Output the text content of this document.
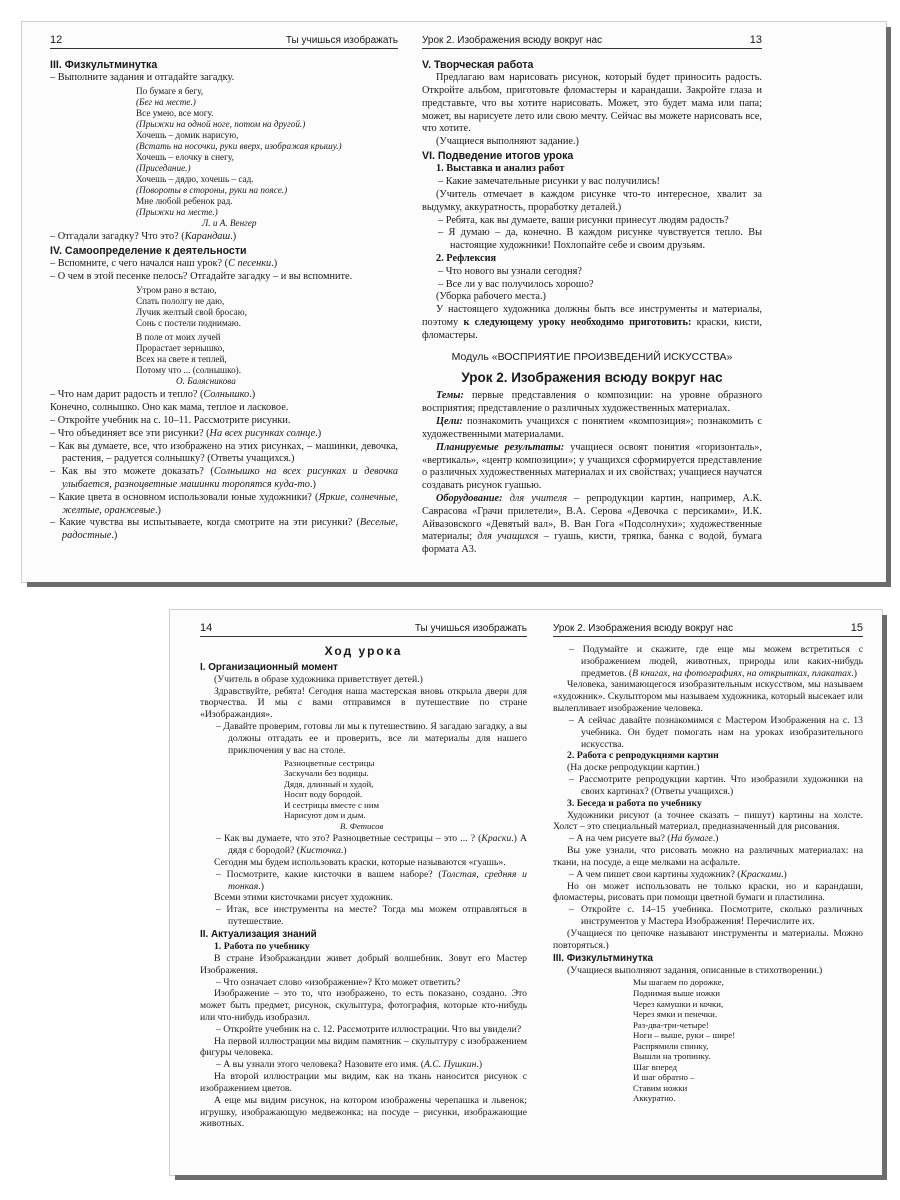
12	Ты учишься изображать
III. Физкультминутка

– Выполните задания и отгадайте загадку.

По бумаге я бегу,
(Бег на месте.)
Все умею, все могу.
(Прыжки на одной ноге, потом на другой.)
Хочешь – домик нарисую,
(Встать на носочки, руки вверх, изображая крышу.)
Хочешь – елочку в снегу,
(Приседание.)
Хочешь – дядю, хочешь – сад.
(Повороты в стороны, руки на поясе.)
Мне любой ребенок рад.
(Прыжки на месте.)
Л. и А. Венгер

– Отгадали загадку? Что это? (Карандаш.)

IV. Самоопределение к деятельности

– Вспомните, с чего начался наш урок? (С песенки.)

– О чем в этой песенке пелось? Отгадайте загадку – и вы вспомните.

Утром рано я встаю,
Спать пололгу не даю,
Лучик желтый свой бросаю,
Сонь с постели поднимаю.
В поле от моих лучей
Прорастает зернышко,
Всех на свете я теплей,
Потому что ... (солнышко).
О. Балясникова

– Что нам дарит радость и тепло? (Солнышко.)

Конечно, солнышко. Оно как мама, теплое и ласковое.

– Откройте учебник на с. 10–11. Рассмотрите рисунки.

– Что объединяет все эти рисунки? (На всех рисунках солнце.)

– Как вы думаете, все, что изображено на этих рисунках, – машинки, девочка, растения, – радуется солнышку? (Ответы учащихся.)

– Как вы это можете доказать? (Солнышко на всех рисунках и девочка улыбается, разноцветные машинки торопятся куда-то.)

– Какие цвета в основном использовали юные художники? (Яркие, солнечные, желтые, оранжевые.)

– Какие чувства вы испытываете, когда смотрите на эти рисунки? (Веселые, радостные.)

Урок 2. Изображения всюду вокруг нас	13
V. Творческая работа

Предлагаю вам нарисовать рисунок, который будет приносить радость. Откройте альбом, приготовьте фломастеры и карандаши. Закройте глаза и представьте, что вы хотите нарисовать. Может, это будет мама или папа; может, вы нарисуете лето или свою мечту. Сейчас вы можете нарисовать все, что хотите.

(Учащиеся выполняют задание.)

VI. Подведение итогов урока

1. Выставка и анализ работ

– Какие замечательные рисунки у вас получились!

(Учитель отмечает в каждом рисунке что-то интересное, хвалит за выдумку, аккуратность, проработку деталей.)

– Ребята, как вы думаете, ваши рисунки принесут людям радость?

– Я думаю – да, конечно. В каждом рисунке чувствуется тепло. Вы настоящие художники! Похлопайте себе и своим друзьям.

2. Рефлексия

– Что нового вы узнали сегодня?

– Все ли у вас получилось хорошо?

(Уборка рабочего места.)

У настоящего художника должны быть все инструменты и материалы, поэтому к следующему уроку необходимо приготовить: краски, кисти, фломастеры.

Модуль «ВОСПРИЯТИЕ ПРОИЗВЕДЕНИЙ ИСКУССТВА»
Урок 2. Изображения всюду вокруг нас

Темы: первые представления о композиции: на уровне образного восприятия; представление о различных художественных материалах.

Цели: познакомить учащихся с понятием «композиция»; познакомить с художественными материалами.

Планируемые результаты: учащиеся освоят понятия «горизонталь», «вертикаль», «центр композиции»; у учащихся сформируется представление о различных художественных материалах и их свойствах; учащиеся научатся создавать рисунок гуашью.

Оборудование: для учителя – репродукции картин, например, А.К. Саврасова «Грачи прилетели», В.А. Серова «Девочка с персиками», И.К. Айвазовского «Девятый вал», В. Ван Гога «Подсолнухи»; художественные материалы; для учащихся – гуашь, кисти, тряпка, банка с водой, бумага формата А3.

14	Ты учишься изображать
Ход урока
I. Организационный момент

(Учитель в образе художника приветствует детей.)

Здравствуйте, ребята! Сегодня наша мастерская вновь открыла двери для творчества. И мы с вами отправимся в путешествие по стране «Изображандия».

– Давайте проверим, готовы ли мы к путешествию. Я загадаю загадку, а вы должны отгадать ее и проверить, все ли материалы для нашего приключения у вас на столе.

Разноцветные сестрицы
Заскучали без водицы.
Дядя, длинный и худой,
Носит воду бородой.
И сестрицы вместе с ним
Нарисуют дом и дым.
В. Фетисов

– Как вы думаете, что это? Разноцветные сестрицы – это ... ? (Краски.) А дядя с бородой? (Кисточка.)

Сегодня мы будем использовать краски, которые называются «гуашь».

– Посмотрите, какие кисточки в вашем наборе? (Толстая, средняя и тонкая.)

Всеми этими кисточками рисует художник.

– Итак, все инструменты на месте? Тогда мы можем отправляться в путешествие.

II. Актуализация знаний

1. Работа по учебнику

В стране Изображандии живет добрый волшебник. Зовут его Мастер Изображения.

– Что означает слово «изображение»? Кто может ответить?

Изображение – это то, что изображено, то есть показано, создано. Это может быть предмет, рисунок, скульптура, фотография, которые кто-нибудь или что-нибудь изобразил.

– Откройте учебник на с. 12. Рассмотрите иллюстрации. Что вы увидели?

На первой иллюстрации мы видим памятник – скульптуру с изображением фигуры человека.

– А вы узнали этого человека? Назовите его имя. (А.С. Пушкин.)

На второй иллюстрации мы видим, как на ткань наносится рисунок с изображением цветов.

А еще мы видим рисунок, на котором изображены черепашка и львенок; игрушку, изображающую медвежонка; на посуде – рисунки, изображающие животных.

Урок 2. Изображения всюду вокруг нас	15

– Подумайте и скажите, где еще мы можем встретиться с изображением людей, животных, природы или каких-нибудь предметов. (В книгах, на фотографиях, на открытках, плакатах.)

Человека, занимающегося изобразительным искусством, мы называем «художник». Скульптором мы называем художника, который высекает или вылепливает изображение человека.

– А сейчас давайте познакомимся с Мастером Изображения на с. 13 учебника. Он будет помогать нам на уроках изобразительного искусства.

2. Работа с репродукциями картин

(На доске репродукции картин.)

– Рассмотрите репродукции картин. Что изобразили художники на своих картинах? (Ответы учащихся.)

3. Беседа и работа по учебнику

Художники рисуют (а точнее сказать – пишут) картины на холсте. Холст – это специальный материал, предназначенный для рисования.

– А на чем рисуете вы? (На бумаге.)

Вы уже узнали, что рисовать можно на различных материалах: на ткани, на посуде, а еще мелками на асфальте.

– А чем пишет свои картины художник? (Красками.)

Но он может использовать не только краски, но и карандаши, фломастеры, рисовать при помощи цветной бумаги и пластилина.

– Откройте с. 14–15 учебника. Посмотрите, сколько различных инструментов у Мастера Изображения! Перечислите их.

(Учащиеся по цепочке называют инструменты и материалы. Можно повторяться.)

III. Физкультминутка

(Учащиеся выполняют задания, описанные в стихотворении.)

Мы шагаем по дорожке,
Поднимая выше ножки
Через камушки и кочки,
Через ямки и пенечки.
Раз-два-три-четыре!
Ноги – выше, руки – шире!
Распрямили спинку,
Вышли на тропинку.
Шаг вперед
И шаг обратно –
Ставим ножки
Аккуратно.
